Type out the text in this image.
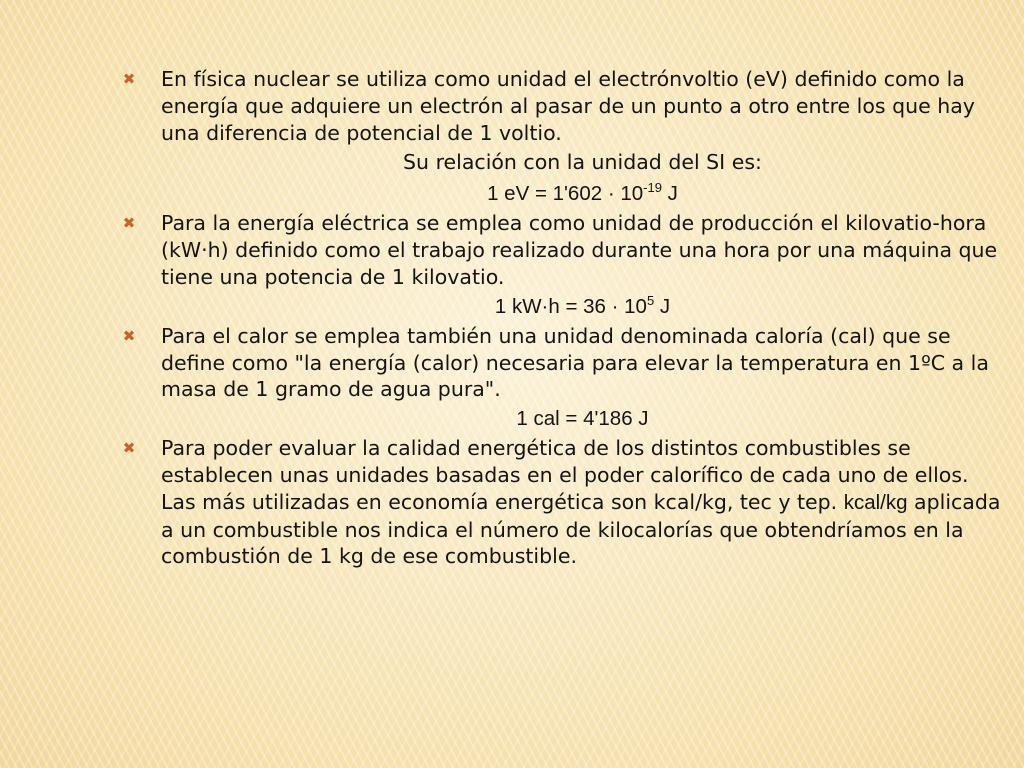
✖ En física nuclear se utiliza como unidad el electrónvoltio (eV) definido como la energía que adquiere un electrón al pasar de un punto a otro entre los que hay una diferencia de potencial de 1 voltio.
Su relación con la unidad del SI es:
1 eV = $1'602 \cdot 10^{-19}$ J
✖ Para la energía eléctrica se emplea como unidad de producción el kilovatio-hora (kW·h) definido como el trabajo realizado durante una hora por una máquina que tiene una potencia de 1 kilovatio.
1 $kW\cdot h = 36 \cdot 10^5$ J
✖ Para el calor se emplea también una unidad denominada caloría (cal) que se define como "la energía (calor) necesaria para elevar la temperatura en 1ºC a la masa de 1 gramo de agua pura".
1 cal = 4'186 J
✖ Para poder evaluar la calidad energética de los distintos combustibles se establecen unas unidades basadas en el poder calorífico de cada uno de ellos. Las más utilizadas en economía energética son kcal/kg, tec y tep. kcal/kg aplicada a un combustible nos indica el número de kilocalorías que obtendríamos en la combustión de 1 kg de ese combustible.
